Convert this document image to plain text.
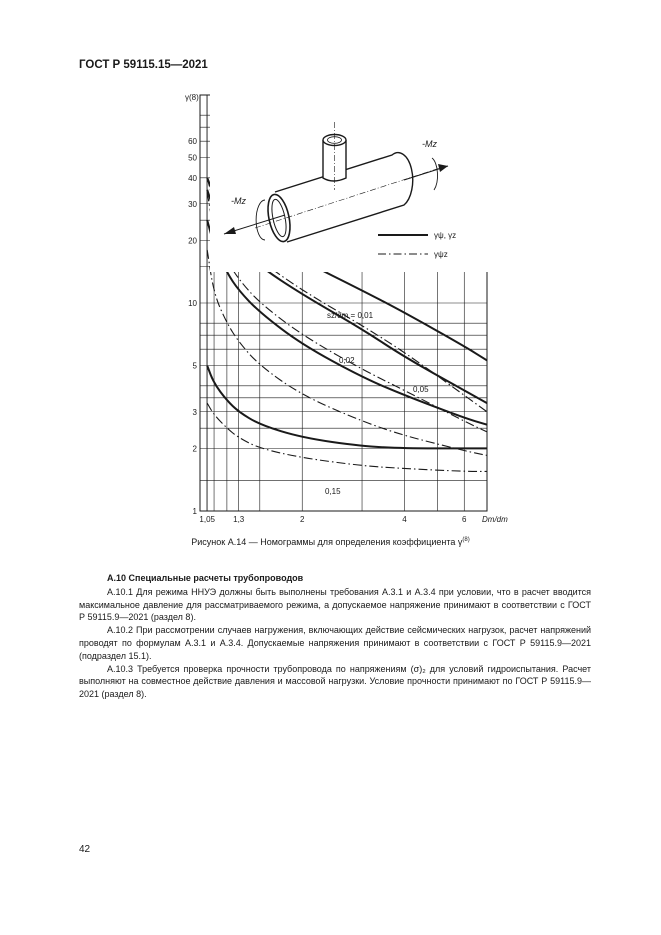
ГОСТ Р 59115.15—2021
1
2
3
5
10
20
30
40
50
60
1,05 1,3	2	4	6
-Mz
-Mz
γψ, γz
γψz
γ(8)
Dm/dm
sz/dm = 0,01
0,02
0,05
0,15
Рисунок А.14 — Номограммы для определения коэффициента $\gamma^{(8)}$
А.10 Специальные расчеты трубопроводов

А.10.1 Для режима ННУЭ должны быть выполнены требования А.3.1 и А.3.4 при условии, что в расчет вводится максимальное давление для рассматриваемого режима, а допускаемое напряжение принимают в соответствии с ГОСТ Р 59115.9—2021 (раздел 8).

А.10.2 При рассмотрении случаев нагружения, включающих действие сейсмических нагрузок, расчет напряжений проводят по формулам А.3.1 и А.3.4. Допускаемые напряжения принимают в соответствии с ГОСТ Р 59115.9—2021 (подраздел 15.1).

А.10.3 Требуется проверка прочности трубопровода по напряжениям (σ)₂ для условий гидроиспытания. Расчет выполняют на совместное действие давления и массовой нагрузки. Условие прочности принимают по ГОСТ Р 59115.9—2021 (раздел 8).

42
